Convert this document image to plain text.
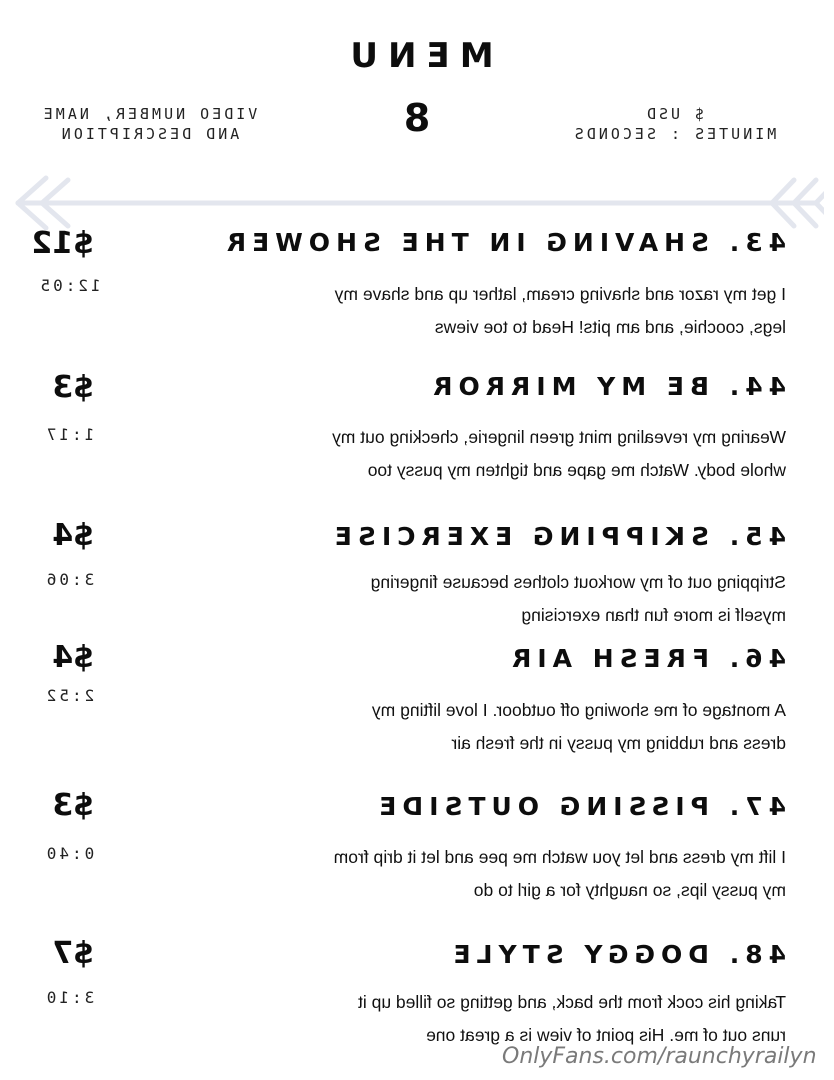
MENU
8	$ USD
MINUTES : SECONDS
VIDEO NUMBER, NAME
AND DESCRIPTION
43. SHAVING IN THE SHOWER
$12
12:05	I get my razor and shaving cream, lather up and shave my
legs, coochie, and am pits! Head to toe views
44. BE MY MIRROR
$3
1:17	Wearing my revealing mint green lingerie, checking out my
whole body. Watch me gape and tighten my pussy too
45. SKIPPING EXERCISE
$4
3:06	Stripping out of my workout clothes because fingering
myself is more fun than exercising
46. FRESH AIR
$4
2:52
A montage of me showing off outdoor. I love lifting my
dress and rubbing my pussy in the fresh air
47. PISSING OUTSIDE
$3
0:40	I lift my dress and let you watch me pee and let it drip from
my pussy lips, so naughty for a girl to do
48. DOGGY STYLE
$7
3:10	Taking his cock from the back, and getting so filled up it
runs out of me. His point of view is a great one
OnlyFans.com/raunchyrailyn
